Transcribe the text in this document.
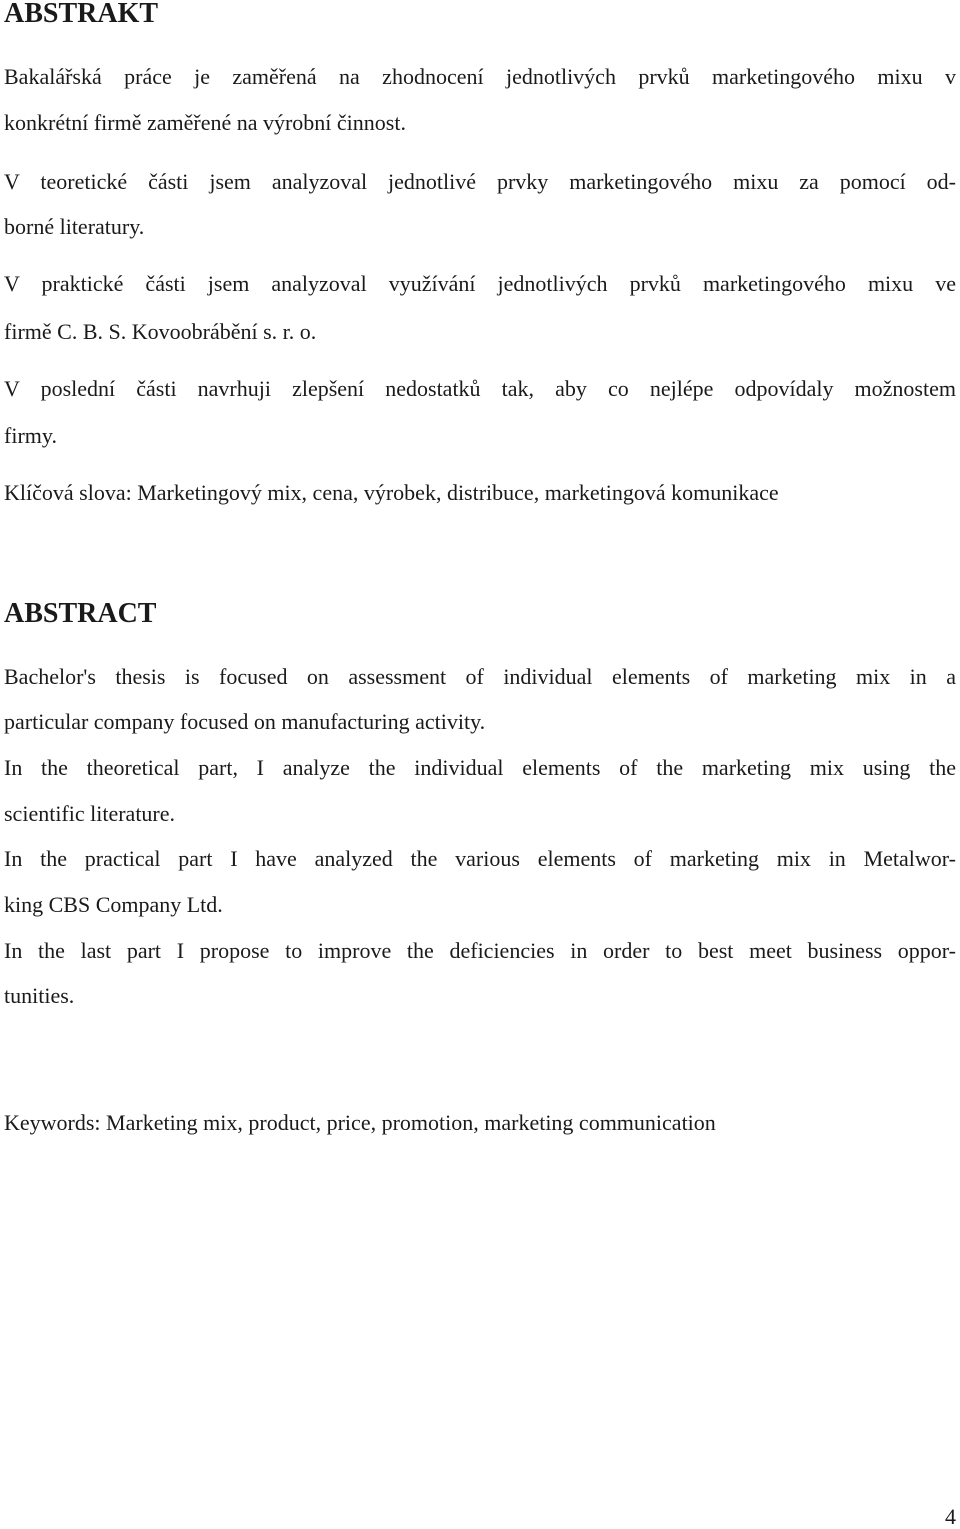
ABSTRAKT

Bakalářská práce je zaměřená na zhodnocení jednotlivých prvků marketingového mixu v

konkrétní firmě zaměřené na výrobní činnost.

V teoretické části jsem analyzoval jednotlivé prvky marketingového mixu za pomocí od-

borné literatury.

V praktické části jsem analyzoval využívání jednotlivých prvků marketingového mixu ve

firmě C. B. S. Kovoobrábění s. r. o.

V poslední části navrhuji zlepšení nedostatků tak, aby co nejlépe odpovídaly možnostem

firmy.

Klíčová slova: Marketingový mix, cena, výrobek, distribuce, marketingová komunikace

ABSTRACT

Bachelor's thesis is focused on assessment of individual elements of marketing mix in a

particular company focused on manufacturing activity.

In the theoretical part, I analyze the individual elements of the marketing mix using the

scientific literature.

In the practical part I have analyzed the various elements of marketing mix in Metalwor-

king CBS Company Ltd.

In the last part I propose to improve the deficiencies in order to best meet business oppor-

tunities.

Keywords: Marketing mix, product, price, promotion, marketing communication

4
